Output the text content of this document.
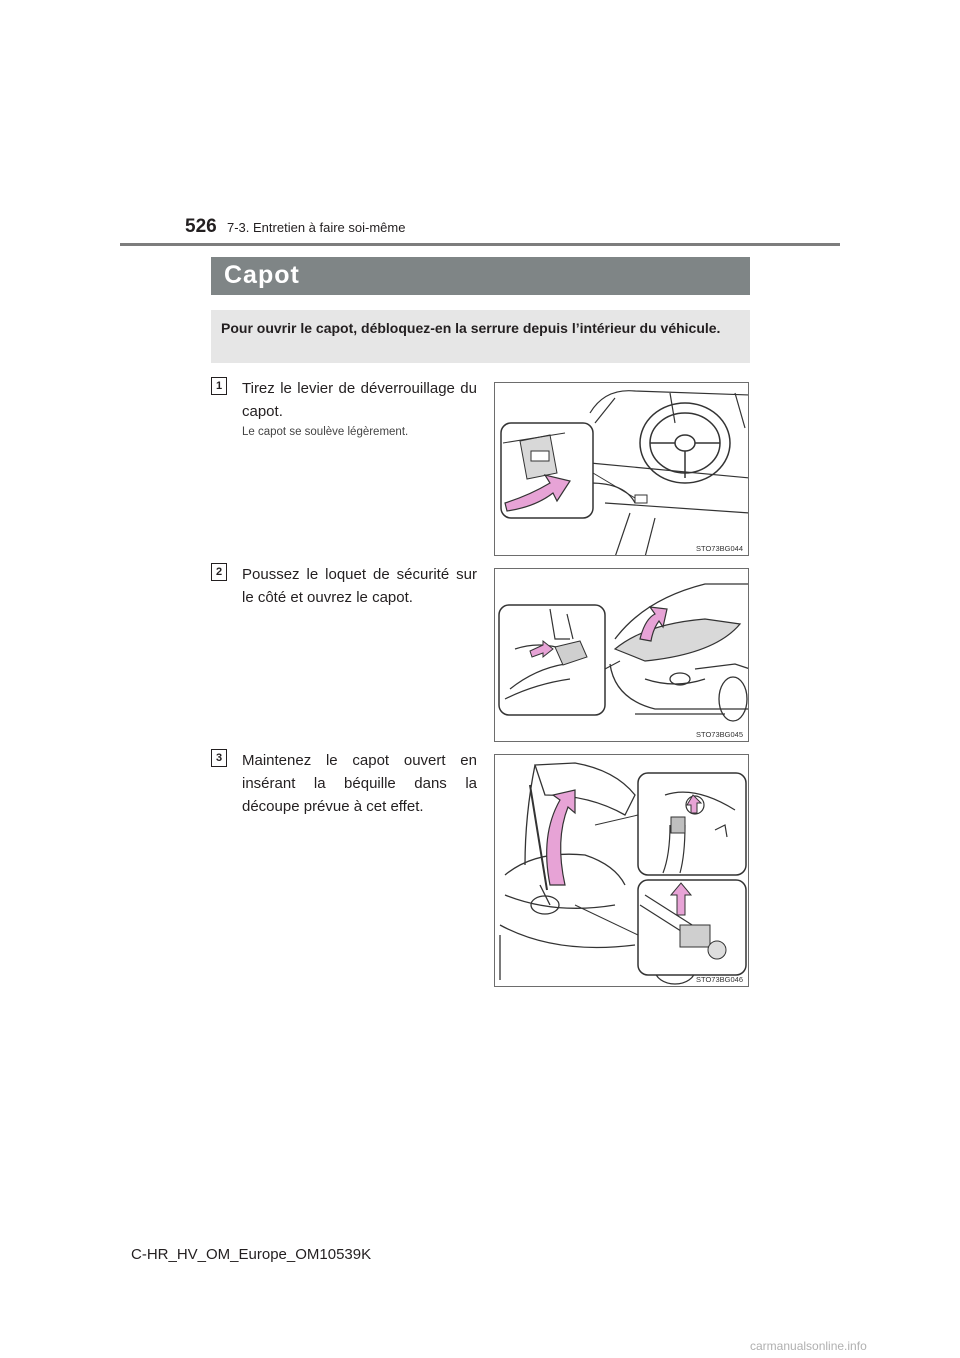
526 7-3. Entretien à faire soi-même
Capot

Pour ouvrir le capot, débloquez-en la serrure depuis l’intérieur du véhicule.

1	Tirez le levier de déverrouillage du capot.

Le capot se soulève légèrement.

STO73BG044
2	Poussez le loquet de sécurité sur le côté et ouvrez le capot.

STO73BG045
3	Maintenez le capot ouvert en insérant la béquille dans la découpe prévue à cet effet.

STO73BG046
C-HR_HV_OM_Europe_OM10539K
carmanualsonline.info
